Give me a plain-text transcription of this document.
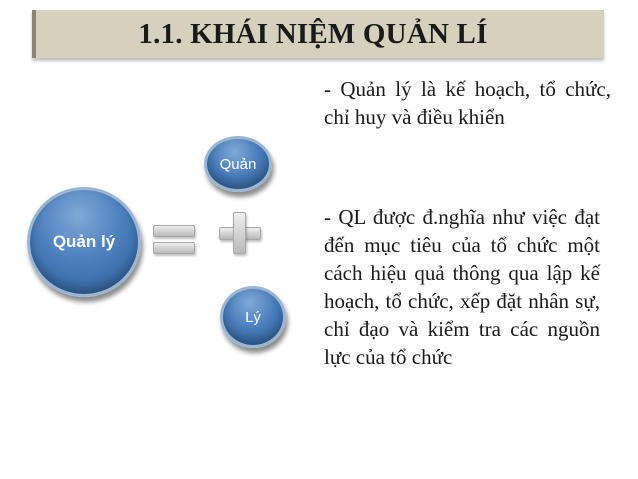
1.1. KHÁI NIỆM QUẢN LÍ
Quản lý
Quản
Lý

- Quản lý là kế hoạch, tổ chức, chỉ huy và điều khiển

- QL được đ.nghĩa như việc đạt đến mục tiêu của tổ chức một cách hiệu quả thông qua lập kế hoạch, tổ chức, xếp đặt nhân sự, chỉ đạo và kiểm tra các nguồn lực của tổ chức
